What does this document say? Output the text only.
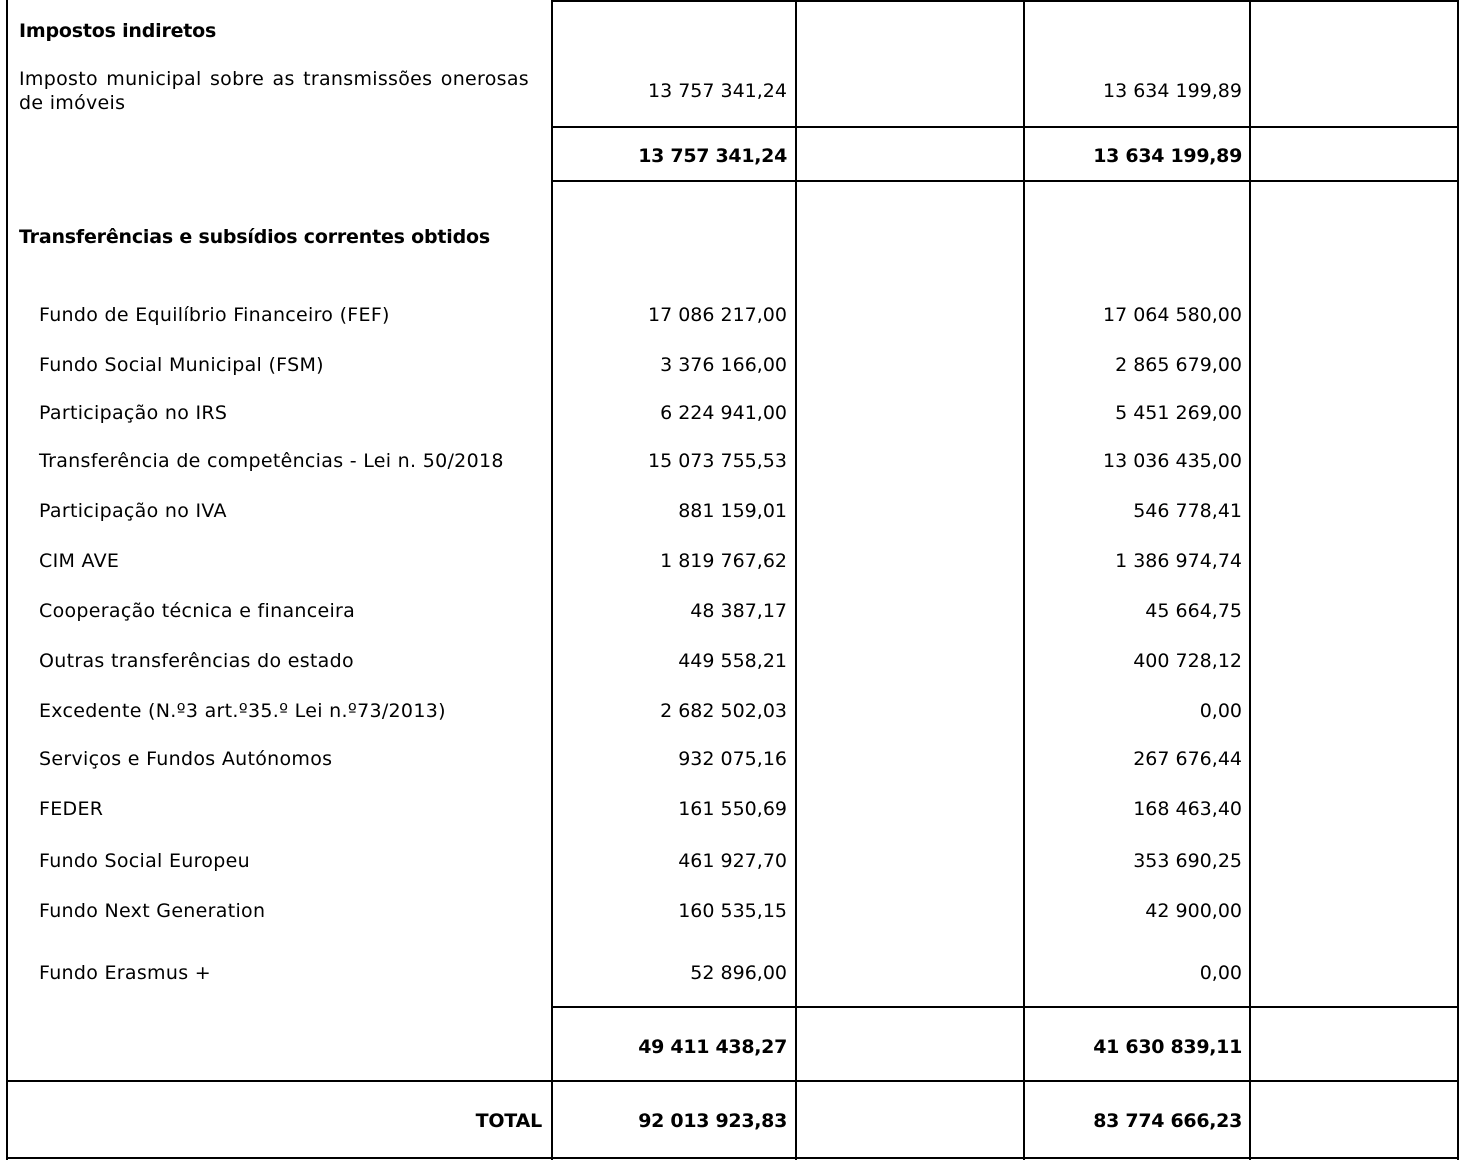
Impostos indiretos
Imposto municipal sobre as transmissões onerosas de imóveis
13 757 341,24	13 634 199,89
13 757 341,24	13 634 199,89
Transferências e subsídios correntes obtidos
Fundo de Equilíbrio Financeiro (FEF)	17 086 217,00	17 064 580,00
Fundo Social Municipal (FSM)	3 376 166,00	2 865 679,00
Participação no IRS	6 224 941,00	5 451 269,00
Transferência de competências - Lei n. 50/2018	15 073 755,53	13 036 435,00
Participação no IVA	881 159,01	546 778,41
CIM AVE	1 819 767,62	1 386 974,74
Cooperação técnica e financeira	48 387,17	45 664,75
Outras transferências do estado	449 558,21	400 728,12
Excedente (N.º3 art.º35.º Lei n.º73/2013)	2 682 502,03	0,00
Serviços e Fundos Autónomos	932 075,16	267 676,44
FEDER	161 550,69	168 463,40
Fundo Social Europeu	461 927,70	353 690,25
Fundo Next Generation	160 535,15	42 900,00
Fundo Erasmus +	52 896,00	0,00
49 411 438,27	41 630 839,11
TOTAL	92 013 923,83	83 774 666,23
